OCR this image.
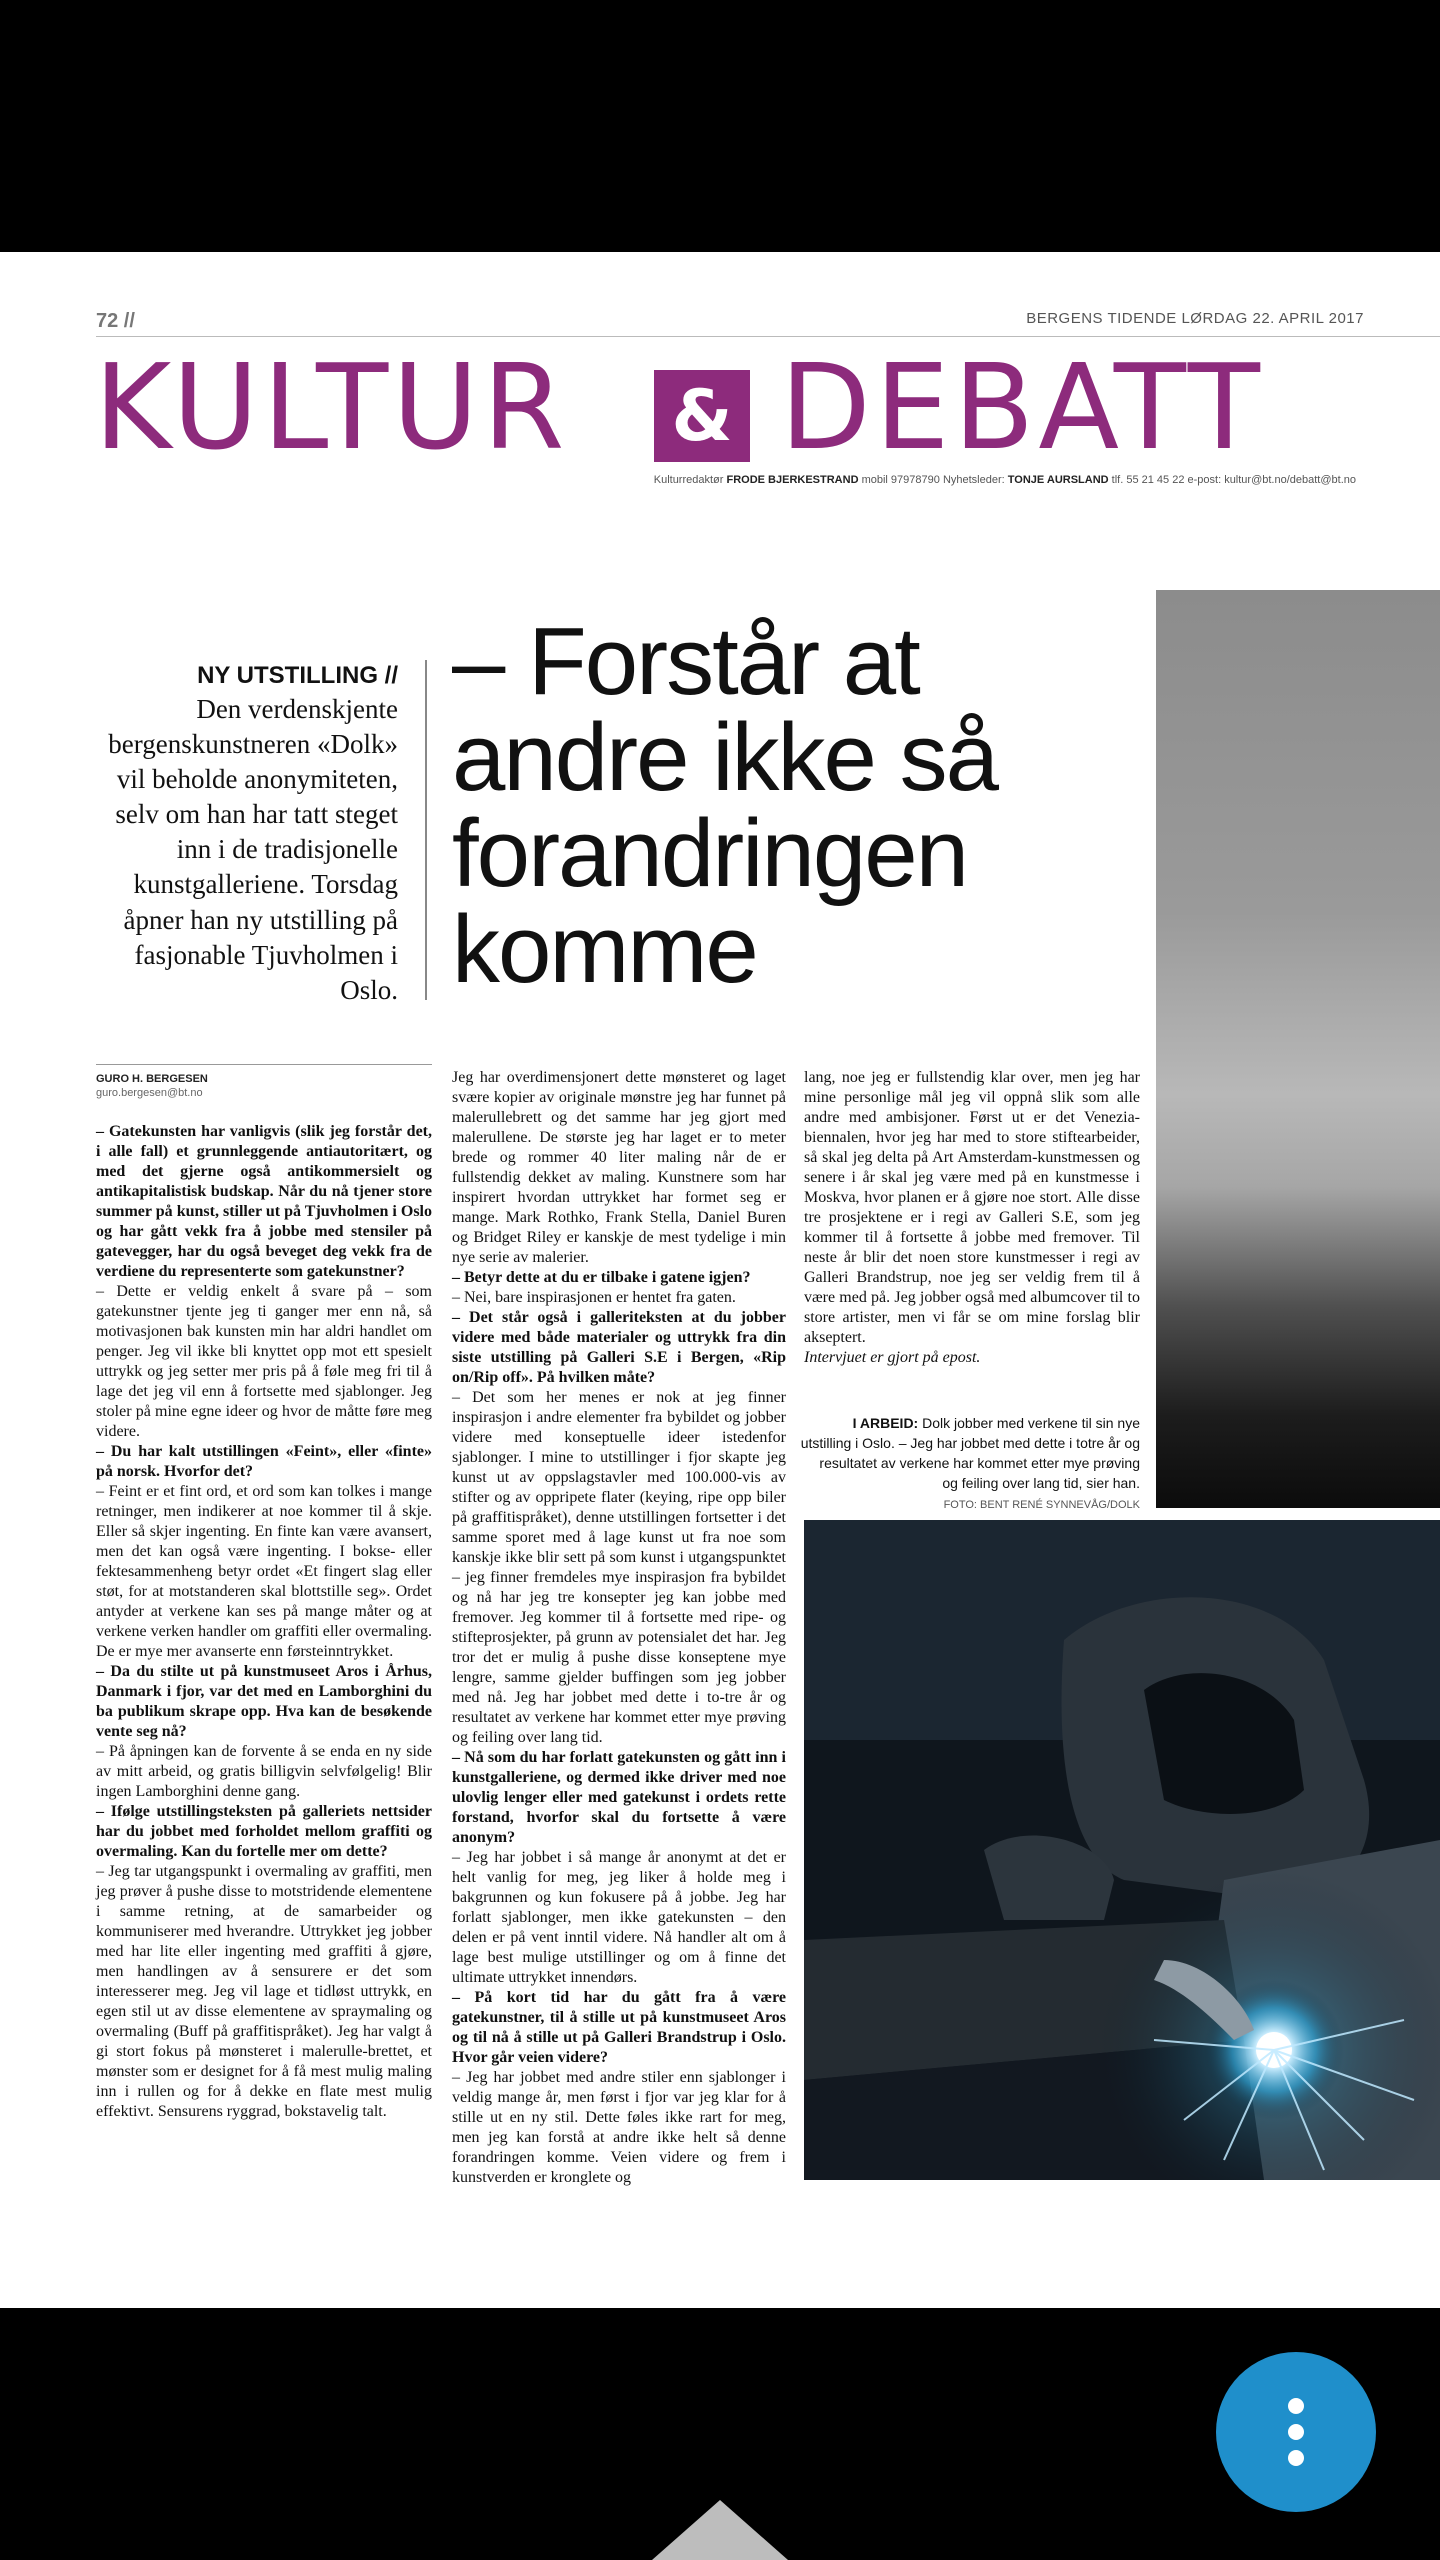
72 //	BERGENS TIDENDE LØRDAG 22. APRIL 2017
KULTUR & DEBATT
Kulturredaktør FRODE BJERKESTRAND mobil 97978790 Nyhetsleder: TONJE AURSLAND tlf. 55 21 45 22 e-post: kultur@bt.no/debatt@bt.no
NY UTSTILLING //

Den verdenskjente bergenskunstneren «Dolk» vil beholde anonymiteten, selv om han har tatt steget inn i de tradisjonelle kunstgalleriene. Torsdag åpner han ny utstilling på fasjonable Tjuvholmen i Oslo.

– Forstår at andre ikke så forandringen komme
GURO H. BERGESEN
guro.bergesen@bt.no

– Gatekunsten har vanligvis (slik jeg forstår det, i alle fall) et grunnleggende antiautoritært, og med det gjerne også antikommersielt og antikapitalistisk budskap. Når du nå tjener store summer på kunst, stiller ut på Tjuvholmen i Oslo og har gått vekk fra å jobbe med stensiler på gatevegger, har du også beveget deg vekk fra de verdiene du representerte som gatekunstner?

– Dette er veldig enkelt å svare på – som gatekunstner tjente jeg ti ganger mer enn nå, så motivasjonen bak kunsten min har aldri handlet om penger. Jeg vil ikke bli knyttet opp mot ett spesielt uttrykk og jeg setter mer pris på å føle meg fri til å lage det jeg vil enn å fortsette med sjablonger. Jeg stoler på mine egne ideer og hvor de måtte føre meg videre.

– Du har kalt utstillingen «Feint», eller «finte» på norsk. Hvorfor det?

– Feint er et fint ord, et ord som kan tolkes i mange retninger, men indikerer at noe kommer til å skje. Eller så skjer ingenting. En finte kan være avansert, men det kan også være ingenting. I bokse- eller fektesammenheng betyr ordet «Et fingert slag eller støt, for at motstanderen skal blottstille seg». Ordet antyder at verkene kan ses på mange måter og at verkene verken handler om graffiti eller overmaling. De er mye mer avanserte enn førsteinntrykket.

– Da du stilte ut på kunstmuseet Aros i Århus, Danmark i fjor, var det med en Lamborghini du ba publikum skrape opp. Hva kan de besøkende vente seg nå?

– På åpningen kan de forvente å se enda en ny side av mitt arbeid, og gratis billigvin selvfølgelig! Blir ingen Lamborghini denne gang.

– Ifølge utstillingsteksten på galleriets nettsider har du jobbet med forholdet mellom graffiti og overmaling. Kan du fortelle mer om dette?

– Jeg tar utgangspunkt i overmaling av graffiti, men jeg prøver å pushe disse to motstridende elementene i samme retning, at de samarbeider og kommuniserer med hverandre. Uttrykket jeg jobber med har lite eller ingenting med graffiti å gjøre, men handlingen av å sensurere er det som interesserer meg. Jeg vil lage et tidløst uttrykk, en egen stil ut av disse elementene av spraymaling og overmaling (Buff på graffitispråket). Jeg har valgt å gi stort fokus på mønsteret i malerulle-brettet, et mønster som er designet for å få mest mulig maling inn i rullen og for å dekke en flate mest mulig effektivt. Sensurens ryggrad, bokstavelig talt.

Jeg har overdimensjonert dette mønsteret og laget svære kopier av originale mønstre jeg har funnet på malerullebrett og det samme har jeg gjort med malerullene. De største jeg har laget er to meter brede og rommer 40 liter maling når de er fullstendig dekket av maling. Kunstnere som har inspirert hvordan uttrykket har formet seg er mange. Mark Rothko, Frank Stella, Daniel Buren og Bridget Riley er kanskje de mest tydelige i min nye serie av malerier.

– Betyr dette at du er tilbake i gatene igjen?

– Nei, bare inspirasjonen er hentet fra gaten.

– Det står også i galleriteksten at du jobber videre med både materialer og uttrykk fra din siste utstilling på Galleri S.E i Bergen, «Rip on/Rip off». På hvilken måte?

– Det som her menes er nok at jeg finner inspirasjon i andre elementer fra bybildet og jobber videre med konseptuelle ideer istedenfor sjablonger. I mine to utstillinger i fjor skapte jeg kunst ut av oppslagstavler med 100.000-vis av stifter og av oppripete flater (keying, ripe opp biler på graffitispråket), denne utstillingen fortsetter i det samme sporet med å lage kunst ut fra noe som kanskje ikke blir sett på som kunst i utgangspunktet – jeg finner fremdeles mye inspirasjon fra bybildet og nå har jeg tre konsepter jeg kan jobbe med fremover. Jeg kommer til å fortsette med ripe- og stifteprosjekter, på grunn av potensialet det har. Jeg tror det er mulig å pushe disse konseptene mye lengre, samme gjelder buffingen som jeg jobber med nå. Jeg har jobbet med dette i to-tre år og resultatet av verkene har kommet etter mye prøving og feiling over lang tid.

– Nå som du har forlatt gatekunsten og gått inn i kunstgalleriene, og dermed ikke driver med noe ulovlig lenger eller med gatekunst i ordets rette forstand, hvorfor skal du fortsette å være anonym?

– Jeg har jobbet i så mange år anonymt at det er helt vanlig for meg, jeg liker å holde meg i bakgrunnen og kun fokusere på å jobbe. Jeg har forlatt sjablonger, men ikke gatekunsten – den delen er på vent inntil videre. Nå handler alt om å lage best mulige utstillinger og om å finne det ultimate uttrykket innendørs.

– På kort tid har du gått fra å være gatekunstner, til å stille ut på kunstmuseet Aros og til nå å stille ut på Galleri Brandstrup i Oslo. Hvor går veien videre?

– Jeg har jobbet med andre stiler enn sjablonger i veldig mange år, men først i fjor var jeg klar for å stille ut en ny stil. Dette føles ikke rart for meg, men jeg kan forstå at andre ikke helt så denne forandringen komme. Veien videre og frem i kunstverden er kronglete og

lang, noe jeg er fullstendig klar over, men jeg har mine personlige mål jeg vil oppnå slik som alle andre med ambisjoner. Først ut er det Venezia-biennalen, hvor jeg har med to store stiftearbeider, så skal jeg delta på Art Amsterdam-kunstmessen og senere i år skal jeg være med på en kunstmesse i Moskva, hvor planen er å gjøre noe stort. Alle disse tre prosjektene er i regi av Galleri S.E, som jeg kommer til å fortsette å jobbe med fremover. Til neste år blir det noen store kunstmesser i regi av Galleri Brandstrup, noe jeg ser veldig frem til å være med på. Jeg jobber også med albumcover til to store artister, men vi får se om mine forslag blir akseptert.

Intervjuet er gjort på epost.

I ARBEID: Dolk jobber med verkene til sin nye utstilling i Oslo. – Jeg har jobbet med dette i totre år og resultatet av verkene har kommet etter mye prøving og feiling over lang tid, sier han.
FOTO: BENT RENÉ SYNNEVÅG/DOLK
